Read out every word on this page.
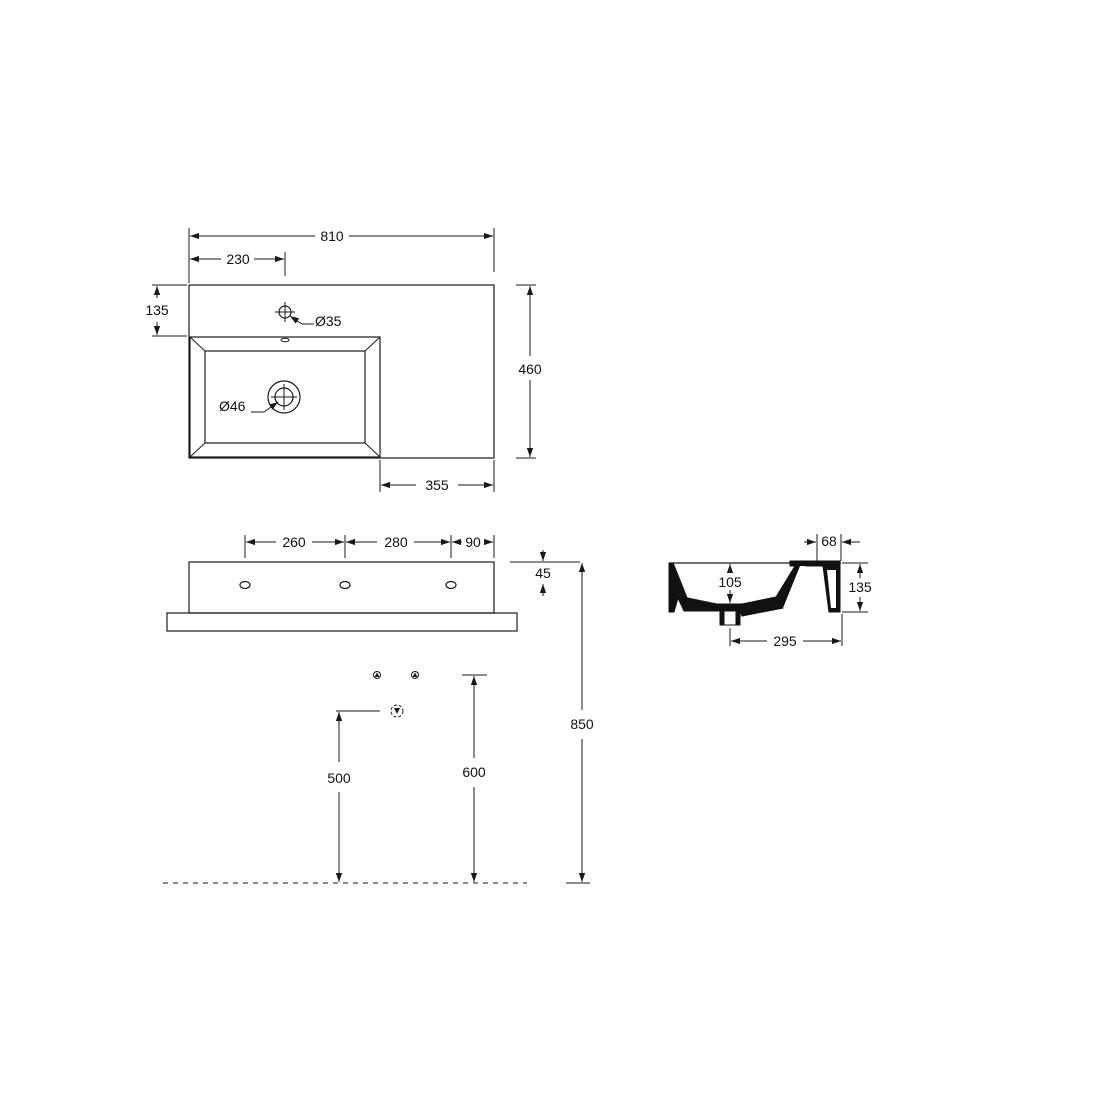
Ø35
Ø46
810
230
135
460
355
260	280	90
45
500	600
850
68
105	135
295
